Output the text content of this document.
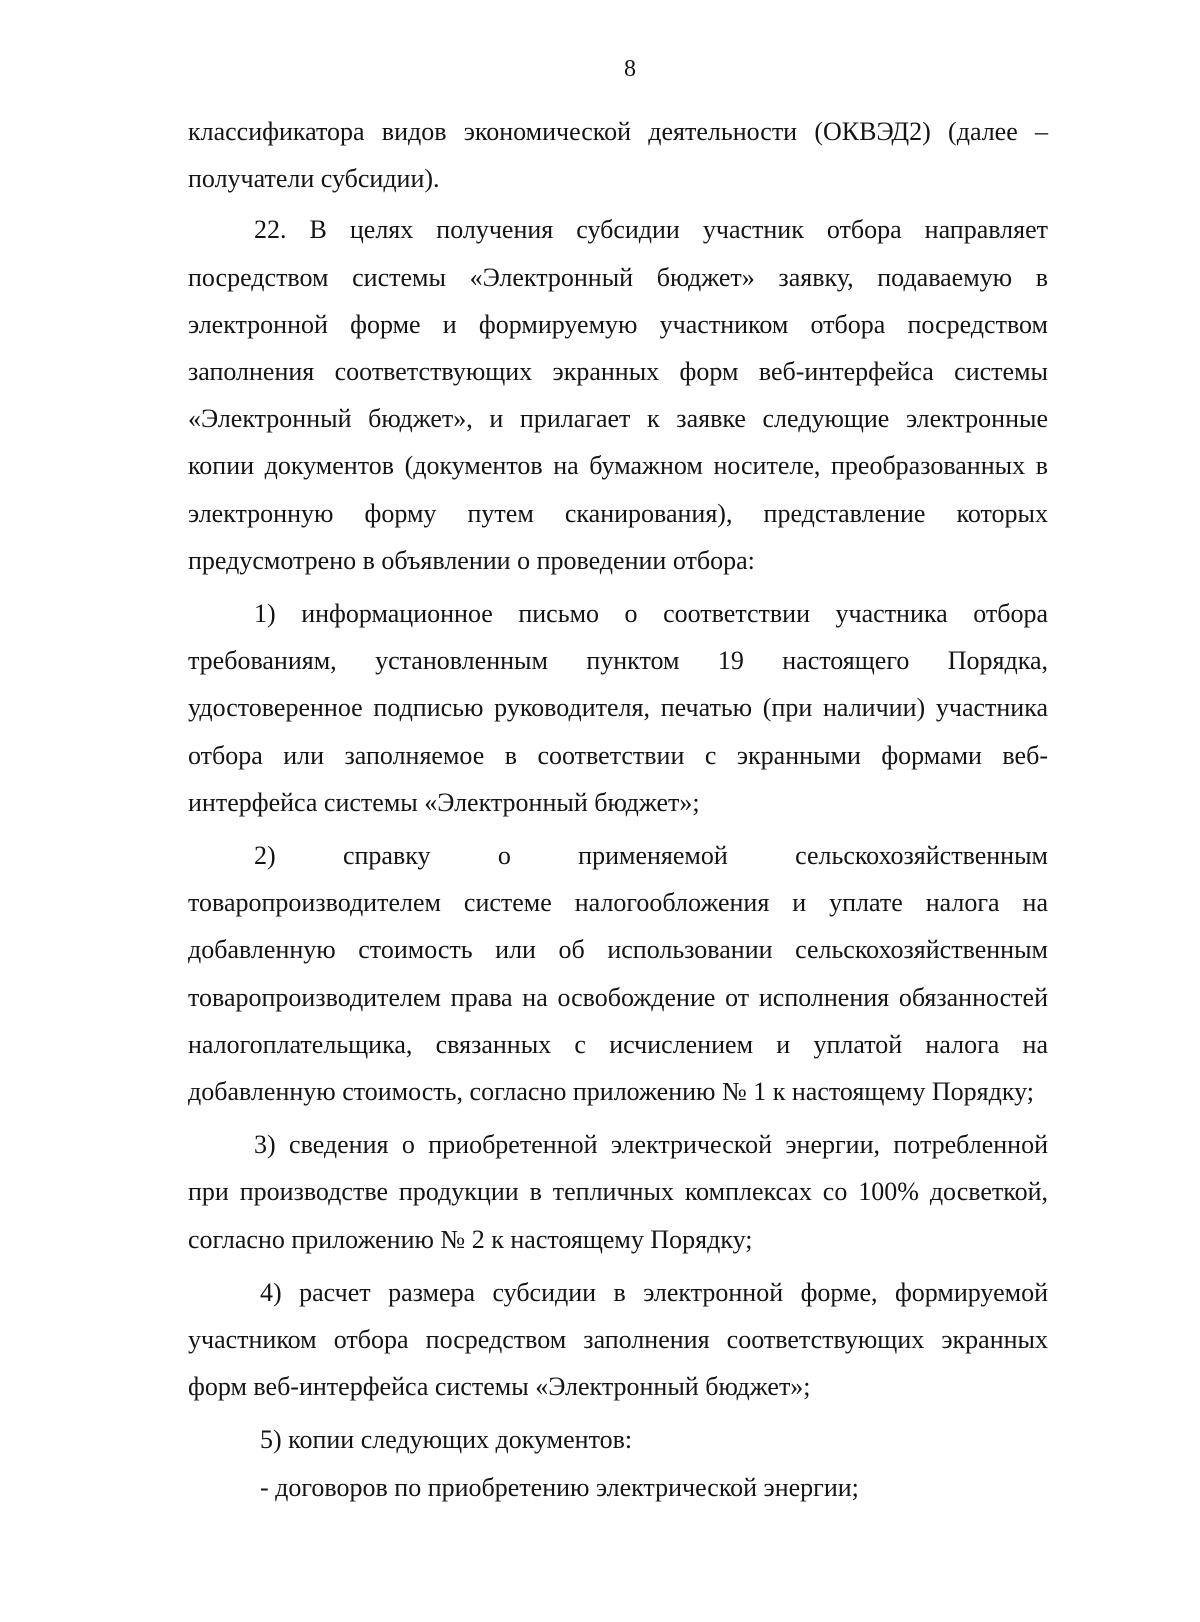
8

классификатора видов экономической деятельности (ОКВЭД2) (далее – получатели субсидии).

22. В целях получения субсидии участник отбора направляет посредством системы «Электронный бюджет» заявку, подаваемую в электронной форме и формируемую участником отбора посредством заполнения соответствующих экранных форм веб-интерфейса системы «Электронный бюджет», и прилагает к заявке следующие электронные копии документов (документов на бумажном носителе, преобразованных в электронную форму путем сканирования), представление которых предусмотрено в объявлении о проведении отбора:

1) информационное письмо о соответствии участника отбора требованиям, установленным пунктом 19 настоящего Порядка, удостоверенное подписью руководителя, печатью (при наличии) участника отбора или заполняемое в соответствии с экранными формами веб-интерфейса системы «Электронный бюджет»;

2) справку о применяемой сельскохозяйственным товаропроизводителем системе налогообложения и уплате налога на добавленную стоимость или об использовании сельскохозяйственным товаропроизводителем права на освобождение от исполнения обязанностей налогоплательщика, связанных с исчислением и уплатой налога на добавленную стоимость, согласно приложению № 1 к настоящему Порядку;

3) сведения о приобретенной электрической энергии, потребленной при производстве продукции в тепличных комплексах со 100% досветкой, согласно приложению № 2 к настоящему Порядку;

4) расчет размера субсидии в электронной форме, формируемой участником отбора посредством заполнения соответствующих экранных форм веб-интерфейса системы «Электронный бюджет»;

5) копии следующих документов:

- договоров по приобретению электрической энергии;
